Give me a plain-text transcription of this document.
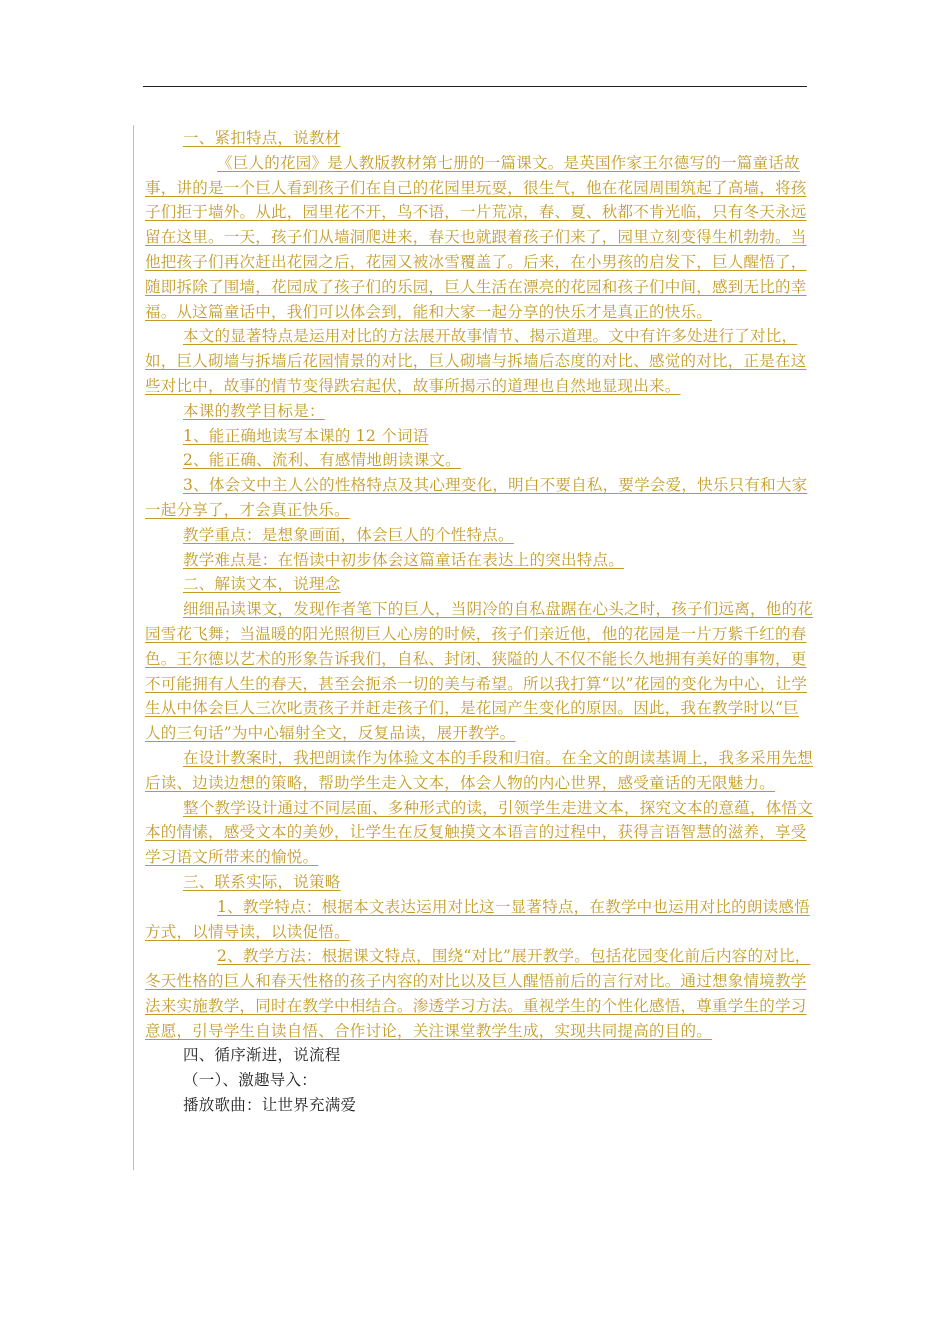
一、紧扣特点，说教材

《巨人的花园》是人教版教材第七册的一篇课文。是英国作家王尔德写的一篇童话故事，讲的是一个巨人看到孩子们在自己的花园里玩耍，很生气，他在花园周围筑起了高墙，将孩子们拒于墙外。从此，园里花不开，鸟不语，一片荒凉，春、夏、秋都不肯光临，只有冬天永远留在这里。一天，孩子们从墙洞爬进来，春天也就跟着孩子们来了，园里立刻变得生机勃勃。当他把孩子们再次赶出花园之后，花园又被冰雪覆盖了。后来，在小男孩的启发下，巨人醒悟了，随即拆除了围墙，花园成了孩子们的乐园，巨人生活在漂亮的花园和孩子们中间，感到无比的幸福。从这篇童话中，我们可以体会到，能和大家一起分享的快乐才是真正的快乐。

本文的显著特点是运用对比的方法展开故事情节、揭示道理。文中有许多处进行了对比，如，巨人砌墙与拆墙后花园情景的对比，巨人砌墙与拆墙后态度的对比、感觉的对比，正是在这些对比中，故事的情节变得跌宕起伏，故事所揭示的道理也自然地显现出来。

本课的教学目标是：

1、能正确地读写本课的 12 个词语

2、能正确、流利、有感情地朗读课文。

3、体会文中主人公的性格特点及其心理变化，明白不要自私，要学会爱，快乐只有和大家一起分享了，才会真正快乐。

教学重点：是想象画面，体会巨人的个性特点。

教学难点是：在悟读中初步体会这篇童话在表达上的突出特点。

二、解读文本，说理念

细细品读课文，发现作者笔下的巨人，当阴冷的自私盘踞在心头之时，孩子们远离，他的花园雪花飞舞；当温暖的阳光照彻巨人心房的时候，孩子们亲近他，他的花园是一片万紫千红的春色。王尔德以艺术的形象告诉我们，自私、封闭、狭隘的人不仅不能长久地拥有美好的事物，更不可能拥有人生的春天，甚至会扼杀一切的美与希望。所以我打算“以”花园的变化为中心，让学生从中体会巨人三次叱责孩子并赶走孩子们，是花园产生变化的原因。因此，我在教学时以“巨人的三句话”为中心辐射全文，反复品读，展开教学。

在设计教案时，我把朗读作为体验文本的手段和归宿。在全文的朗读基调上，我多采用先想后读、边读边想的策略，帮助学生走入文本，体会人物的内心世界，感受童话的无限魅力。

整个教学设计通过不同层面、多种形式的读，引领学生走进文本，探究文本的意蕴，体悟文本的情愫，感受文本的美妙，让学生在反复触摸文本语言的过程中，获得言语智慧的滋养，享受学习语文所带来的愉悦。

三、联系实际，说策略

1、教学特点：根据本文表达运用对比这一显著特点，在教学中也运用对比的朗读感悟方式，以情导读，以读促悟。

2、教学方法：根据课文特点，围绕“对比”展开教学。包括花园变化前后内容的对比，冬天性格的巨人和春天性格的孩子内容的对比以及巨人醒悟前后的言行对比。通过想象情境教学法来实施教学，同时在教学中相结合。渗透学习方法。重视学生的个性化感悟，尊重学生的学习意愿，引导学生自读自悟、合作讨论，关注课堂教学生成，实现共同提高的目的。

四、循序渐进，说流程

（一）、激趣导入：

播放歌曲：让世界充满爱
